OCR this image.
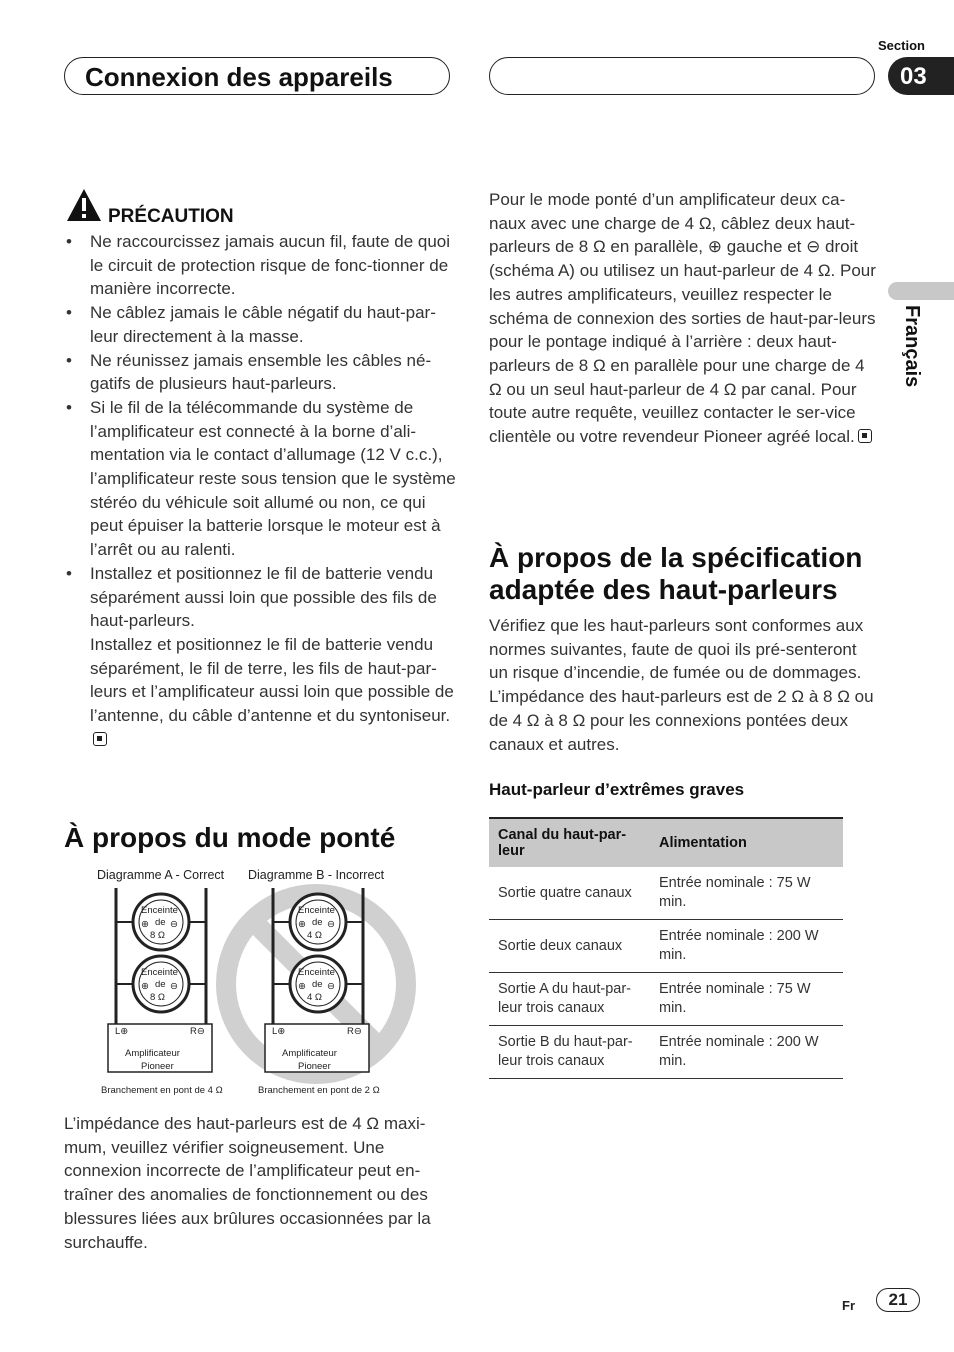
Connexion des appareils
Section
03
Français
PRÉCAUTION
• Ne raccourcissez jamais aucun fil, faute de quoi le circuit de protection risque de fonc-tionner de manière incorrecte.
• Ne câblez jamais le câble négatif du haut-par-leur directement à la masse.
• Ne réunissez jamais ensemble les câbles né-gatifs de plusieurs haut-parleurs.
• Si le fil de la télécommande du système de l’amplificateur est connecté à la borne d’ali-mentation via le contact d’allumage (12 V c.c.), l’amplificateur reste sous tension que le système stéréo du véhicule soit allumé ou non, ce qui peut épuiser la batterie lorsque le moteur est à l’arrêt ou au ralenti.
• Installez et positionnez le fil de batterie vendu séparément aussi loin que possible des fils de haut-parleurs.
Installez et positionnez le fil de batterie vendu séparément, le fil de terre, les fils de haut-par-leurs et l’amplificateur aussi loin que possible de l’antenne, du câble d’antenne et du syntoniseur.
À propos du mode ponté
Diagramme A - Correct Diagramme B - Incorrect
Enceinte
de
⊕ ⊖
8 Ω
Enceinte
de
⊕ ⊖
8 Ω
L⊕	R⊖
Amplificateur
Pioneer
Branchement en pont de 4 Ω
Enceinte
de
⊕ ⊖
4 Ω
Enceinte
de
⊕ ⊖
4 Ω
L⊕	R⊖
Amplificateur
Pioneer
Branchement en pont de 2 Ω
L’impédance des haut-parleurs est de 4 Ω maxi-mum, veuillez vérifier soigneusement. Une connexion incorrecte de l’amplificateur peut en-traîner des anomalies de fonctionnement ou des blessures liées aux brûlures occasionnées par la surchauffe.
Pour le mode ponté d’un amplificateur deux ca-naux avec une charge de 4 Ω, câblez deux haut-parleurs de 8 Ω en parallèle, ⊕ gauche et ⊖ droit (schéma A) ou utilisez un haut-parleur de 4 Ω. Pour les autres amplificateurs, veuillez respecter le schéma de connexion des sorties de haut-par-leurs pour le pontage indiqué à l’arrière : deux haut-parleurs de 8 Ω en parallèle pour une charge de 4 Ω ou un seul haut-parleur de 4 Ω par canal. Pour toute autre requête, veuillez contacter le ser-vice clientèle ou votre revendeur Pioneer agréé local.
À propos de la spécification adaptée des haut-parleurs
Vérifiez que les haut-parleurs sont conformes aux normes suivantes, faute de quoi ils pré-senteront un risque d’incendie, de fumée ou de dommages. L’impédance des haut-parleurs est de 2 Ω à 8 Ω ou de 4 Ω à 8 Ω pour les connexions pontées deux canaux et autres.
Haut-parleur d’extrêmes graves
Canal du haut-par-leur	Alimentation
Sortie quatre canaux	Entrée nominale : 75 W min.
Sortie deux canaux	Entrée nominale : 200 W min.
Sortie A du haut-par-leur trois canaux	Entrée nominale : 75 W min.
Sortie B du haut-par-leur trois canaux	Entrée nominale : 200 W min.
Fr	21
